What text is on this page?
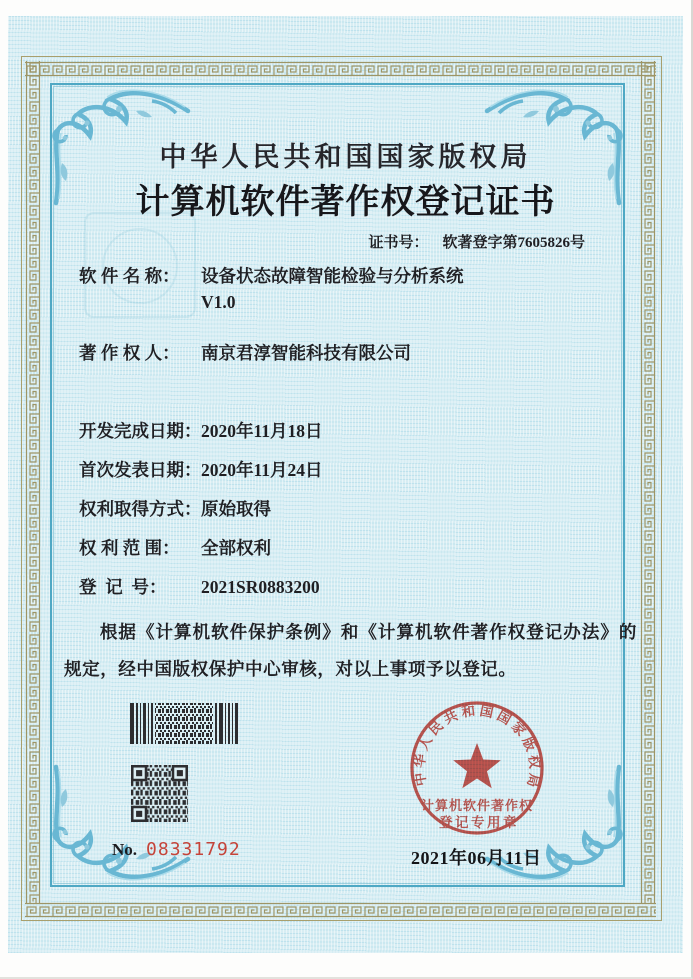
中华人民共和国国家版权局
计算机软件著作权登记证书
证书号： 软著登字第7605826号
软 件 名 称： 设备状态故障智能检验与分析系统
V1.0
著 作 权 人： 南京君淳智能科技有限公司
开发完成日期： 2020年11月18日
首次发表日期： 2020年11月24日
权利取得方式： 原始取得
权 利 范 围： 全部权利
登  记  号： 2021SR0883200

根据《计算机软件保护条例》和《计算机软件著作权登记办法》的规定，经中国版权保护中心审核，对以上事项予以登记。

No. 08331792
中华人民共和国国家版权局
计算机软件著作权
登记专用章
2021年06月11日
